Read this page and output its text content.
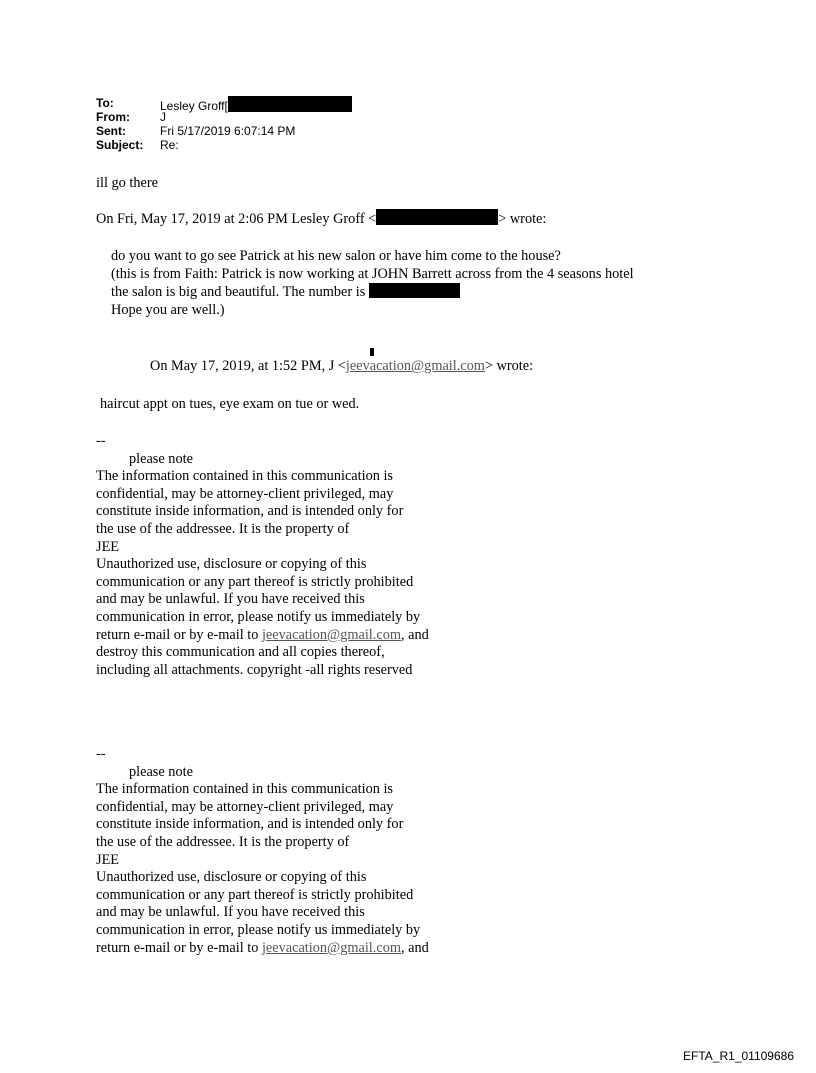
To:	Lesley Groff[
From:	J
Sent:	Fri 5/17/2019 6:07:14 PM
Subject: Re:
ill go there
On Fri, May 17, 2019 at 2:06 PM Lesley Groff <	> wrote:
do you want to go see Patrick at his new salon or have him come to the house?
(this is from Faith: Patrick is now working at JOHN Barrett across from the 4 seasons hotel
the salon is big and beautiful. The number is
Hope you are well.)
On May 17, 2019, at 1:52 PM, J <jeevacation@gmail.com> wrote:
haircut appt on tues, eye exam on tue or wed.
--
please note
The information contained in this communication is
confidential, may be attorney-client privileged, may
constitute inside information, and is intended only for
the use of the addressee. It is the property of
JEE
Unauthorized use, disclosure or copying of this
communication or any part thereof is strictly prohibited
and may be unlawful. If you have received this
communication in error, please notify us immediately by
return e-mail or by e-mail to jeevacation@gmail.com, and
destroy this communication and all copies thereof,
including all attachments. copyright -all rights reserved
--
please note
The information contained in this communication is
confidential, may be attorney-client privileged, may
constitute inside information, and is intended only for
the use of the addressee. It is the property of
JEE
Unauthorized use, disclosure or copying of this
communication or any part thereof is strictly prohibited
and may be unlawful. If you have received this
communication in error, please notify us immediately by
return e-mail or by e-mail to jeevacation@gmail.com, and
EFTA_R1_01109686
